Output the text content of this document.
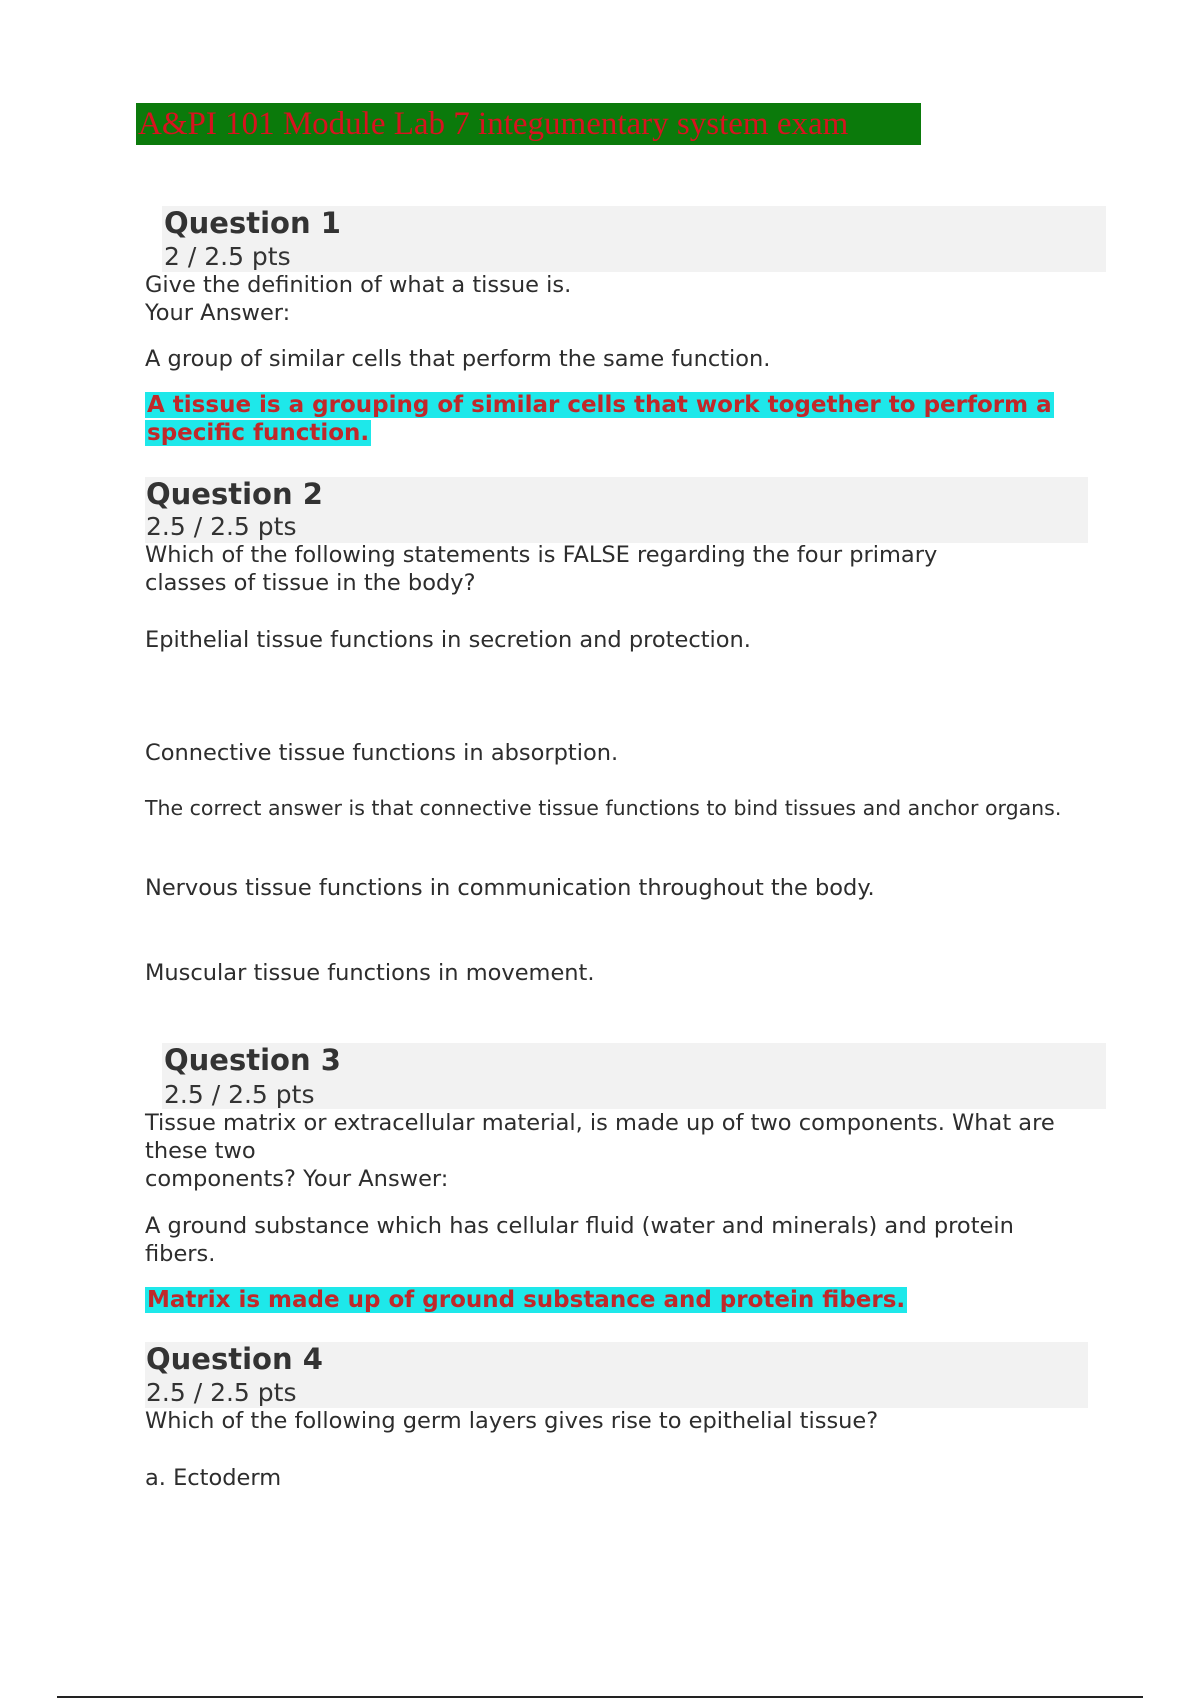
A&PI 101 Module Lab 7 integumentary system exam
Question 1
2 / 2.5 pts
Give the definition of what a tissue is.
Your Answer:
A group of similar cells that perform the same function.
A tissue is a grouping of similar cells that work together to perform a specific function.
Question 2
2.5 / 2.5 pts
Which of the following statements is FALSE regarding the four primary classes of tissue in the body?
Epithelial tissue functions in secretion and protection.
Connective tissue functions in absorption.
The correct answer is that connective tissue functions to bind tissues and anchor organs.
Nervous tissue functions in communication throughout the body.
Muscular tissue functions in movement.
Question 3
2.5 / 2.5 pts
Tissue matrix or extracellular material, is made up of two components. What are these two
components? Your Answer:
A ground substance which has cellular fluid (water and minerals) and protein fibers.
Matrix is made up of ground substance and protein fibers.
Question 4
2.5 / 2.5 pts
Which of the following germ layers gives rise to epithelial tissue?
a. Ectoderm
